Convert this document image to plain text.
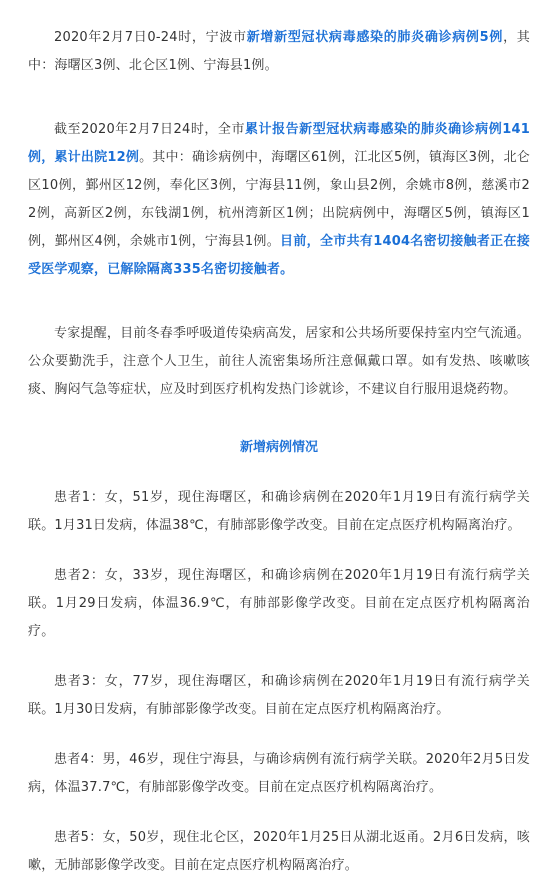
2020年2月7日0-24时，宁波市新增新型冠状病毒感染的肺炎确诊病例5例，其中：海曙区3例、北仑区1例、宁海县1例。

截至2020年2月7日24时，全市累计报告新型冠状病毒感染的肺炎确诊病例141例，累计出院12例。其中：确诊病例中，海曙区61例，江北区5例，镇海区3例，北仑区10例，鄞州区12例，奉化区3例，宁海县11例，象山县2例，余姚市8例，慈溪市22例，高新区2例，东钱湖1例，杭州湾新区1例；出院病例中，海曙区5例，镇海区1例，鄞州区4例，余姚市1例，宁海县1例。目前，全市共有1404名密切接触者正在接受医学观察，已解除隔离335名密切接触者。

专家提醒，目前冬春季呼吸道传染病高发，居家和公共场所要保持室内空气流通。公众要勤洗手，注意个人卫生，前往人流密集场所注意佩戴口罩。如有发热、咳嗽咳痰、胸闷气急等症状，应及时到医疗机构发热门诊就诊，不建议自行服用退烧药物。

新增病例情况

患者1：女，51岁，现住海曙区，和确诊病例在2020年1月19日有流行病学关联。1月31日发病，体温38℃，有肺部影像学改变。目前在定点医疗机构隔离治疗。

患者2：女，33岁，现住海曙区，和确诊病例在2020年1月19日有流行病学关联。1月29日发病，体温36.9℃，有肺部影像学改变。目前在定点医疗机构隔离治疗。

患者3：女，77岁，现住海曙区，和确诊病例在2020年1月19日有流行病学关联。1月30日发病，有肺部影像学改变。目前在定点医疗机构隔离治疗。

患者4：男，46岁，现住宁海县，与确诊病例有流行病学关联。2020年2月5日发病，体温37.7℃，有肺部影像学改变。目前在定点医疗机构隔离治疗。

患者5：女，50岁，现住北仑区，2020年1月25日从湖北返甬。2月6日发病，咳嗽，无肺部影像学改变。目前在定点医疗机构隔离治疗。
